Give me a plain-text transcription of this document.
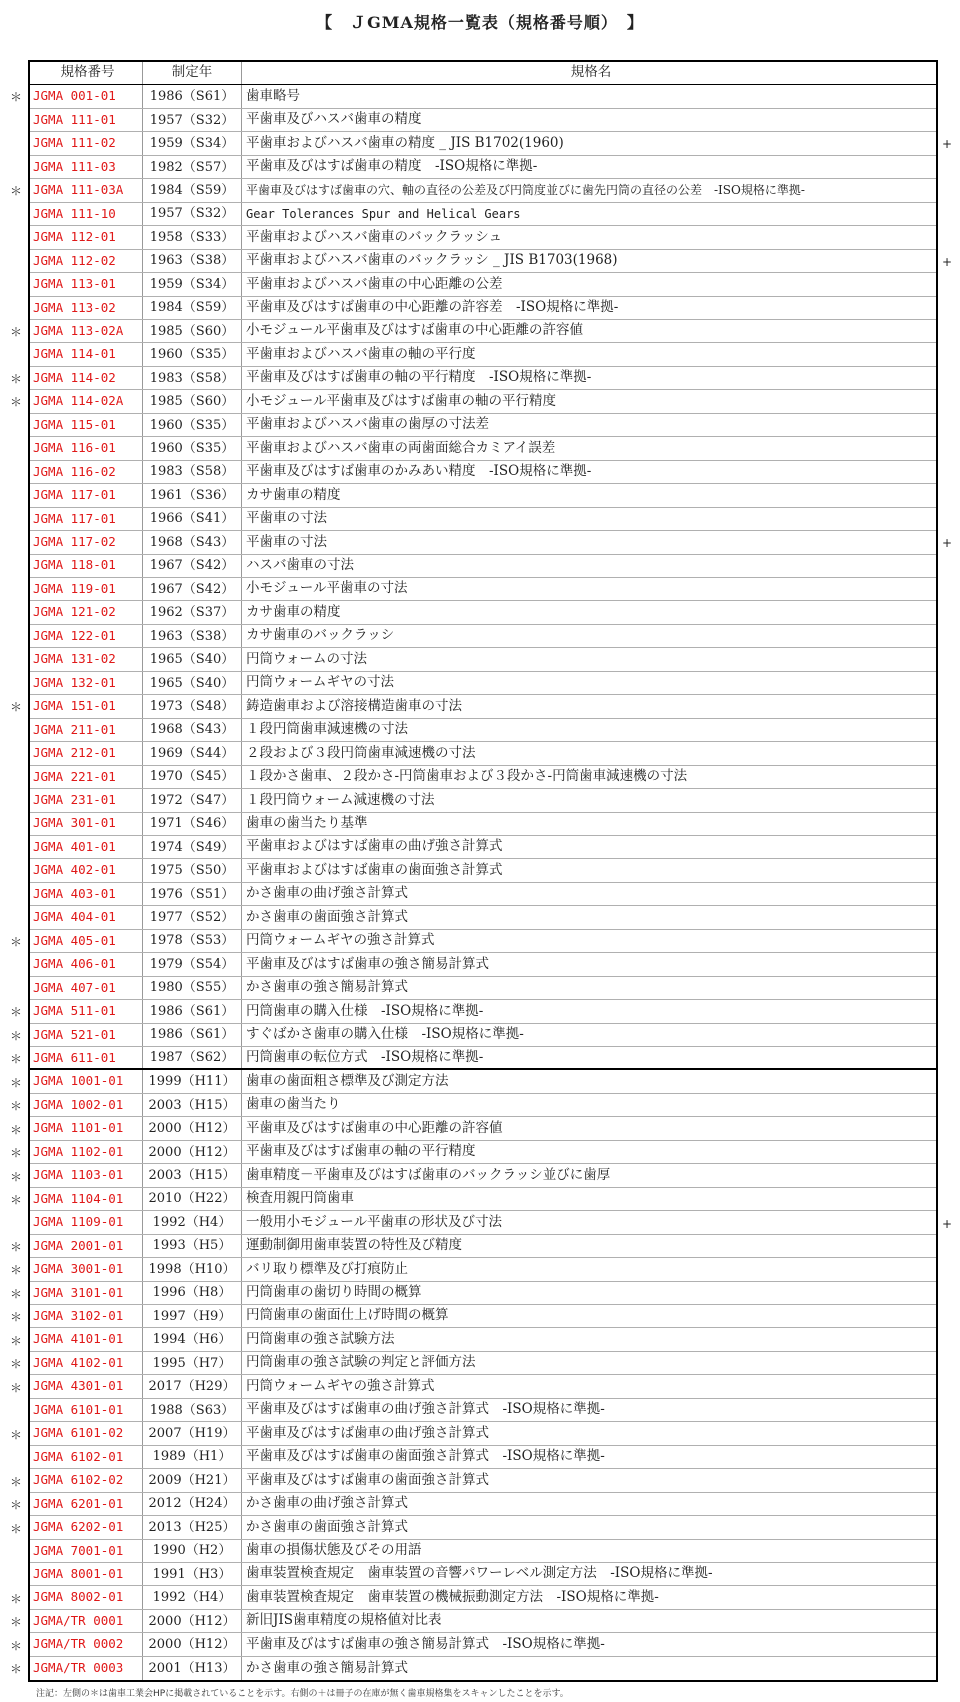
【　ＪGMA規格一覧表（規格番号順）　】
規格番号	制定年	規格名
JGMA 001-01	1986（S61） 歯車略号
JGMA 111-01	1957（S32） 平歯車及びハスバ歯車の精度
JGMA 111-02	1959（S34） 平歯車およびハスバ歯車の精度 _ JIS B1702(1960)
JGMA 111-03	1982（S57） 平歯車及びはすば歯車の精度　-ISO規格に準拠-
JGMA 111-03A	1984（S59） 平歯車及びはすば歯車の穴、軸の直径の公差及び円筒度並びに歯先円筒の直径の公差　-ISO規格に準拠-
JGMA 111-10	1957（S32） Gear Tolerances Spur and Helical Gears
JGMA 112-01	1958（S33） 平歯車およびハスバ歯車のバックラッシュ
JGMA 112-02	1963（S38） 平歯車およびハスバ歯車のバックラッシ _ JIS B1703(1968)
JGMA 113-01	1959（S34） 平歯車およびハスバ歯車の中心距離の公差
JGMA 113-02	1984（S59） 平歯車及びはすば歯車の中心距離の許容差　-ISO規格に準拠-
JGMA 113-02A	1985（S60） 小モジュール平歯車及びはすば歯車の中心距離の許容値
JGMA 114-01	1960（S35） 平歯車およびハスバ歯車の軸の平行度
JGMA 114-02	1983（S58） 平歯車及びはすば歯車の軸の平行精度　-ISO規格に準拠-
JGMA 114-02A	1985（S60） 小モジュール平歯車及びはすば歯車の軸の平行精度
JGMA 115-01	1960（S35） 平歯車およびハスバ歯車の歯厚の寸法差
JGMA 116-01	1960（S35） 平歯車およびハスバ歯車の両歯面総合カミアイ誤差
JGMA 116-02	1983（S58） 平歯車及びはすば歯車のかみあい精度　-ISO規格に準拠-
JGMA 117-01	1961（S36） カサ歯車の精度
JGMA 117-01	1966（S41） 平歯車の寸法
JGMA 117-02	1968（S43） 平歯車の寸法
JGMA 118-01	1967（S42） ハスバ歯車の寸法
JGMA 119-01	1967（S42） 小モジュール平歯車の寸法
JGMA 121-02	1962（S37） カサ歯車の精度
JGMA 122-01	1963（S38） カサ歯車のバックラッシ
JGMA 131-02	1965（S40） 円筒ウォームの寸法
JGMA 132-01	1965（S40） 円筒ウォームギヤの寸法
JGMA 151-01	1973（S48） 鋳造歯車および溶接構造歯車の寸法
JGMA 211-01	1968（S43） １段円筒歯車減速機の寸法
JGMA 212-01	1969（S44） ２段および３段円筒歯車減速機の寸法
JGMA 221-01	1970（S45） １段かさ歯車、２段かさ-円筒歯車および３段かさ-円筒歯車減速機の寸法
JGMA 231-01	1972（S47） １段円筒ウォーム減速機の寸法
JGMA 301-01	1971（S46） 歯車の歯当たり基準
JGMA 401-01	1974（S49） 平歯車およびはすば歯車の曲げ強さ計算式
JGMA 402-01	1975（S50） 平歯車およびはすば歯車の歯面強さ計算式
JGMA 403-01	1976（S51） かさ歯車の曲げ強さ計算式
JGMA 404-01	1977（S52） かさ歯車の歯面強さ計算式
JGMA 405-01	1978（S53） 円筒ウォームギヤの強さ計算式
JGMA 406-01	1979（S54） 平歯車及びはすば歯車の強さ簡易計算式
JGMA 407-01	1980（S55） かさ歯車の強さ簡易計算式
JGMA 511-01	1986（S61） 円筒歯車の購入仕様　-ISO規格に準拠-
JGMA 521-01	1986（S61） すぐばかさ歯車の購入仕様　-ISO規格に準拠-
JGMA 611-01	1987（S62） 円筒歯車の転位方式　-ISO規格に準拠-
JGMA 1001-01	1999（H11） 歯車の歯面粗さ標準及び測定方法
JGMA 1002-01	2003（H15） 歯車の歯当たり
JGMA 1101-01	2000（H12） 平歯車及びはすば歯車の中心距離の許容値
JGMA 1102-01	2000（H12） 平歯車及びはすば歯車の軸の平行精度
JGMA 1103-01	2003（H15） 歯車精度－平歯車及びはすば歯車のバックラッシ並びに歯厚
JGMA 1104-01	2010（H22） 検査用親円筒歯車
JGMA 1109-01	1992（H4）	一般用小モジュール平歯車の形状及び寸法
JGMA 2001-01	1993（H5）	運動制御用歯車装置の特性及び精度
JGMA 3001-01	1998（H10） バリ取り標準及び打痕防止
JGMA 3101-01	1996（H8）	円筒歯車の歯切り時間の概算
JGMA 3102-01	1997（H9）	円筒歯車の歯面仕上げ時間の概算
JGMA 4101-01	1994（H6）	円筒歯車の強さ試験方法
JGMA 4102-01	1995（H7）	円筒歯車の強さ試験の判定と評価方法
JGMA 4301-01	2017（H29） 円筒ウォームギヤの強さ計算式
JGMA 6101-01	1988（S63） 平歯車及びはすば歯車の曲げ強さ計算式　-ISO規格に準拠-
JGMA 6101-02	2007（H19） 平歯車及びはすば歯車の曲げ強さ計算式
JGMA 6102-01	1989（H1）	平歯車及びはすば歯車の歯面強さ計算式　-ISO規格に準拠-
JGMA 6102-02	2009（H21） 平歯車及びはすば歯車の歯面強さ計算式
JGMA 6201-01	2012（H24） かさ歯車の曲げ強さ計算式
JGMA 6202-01	2013（H25） かさ歯車の歯面強さ計算式
JGMA 7001-01	1990（H2）	歯車の損傷状態及びその用語
JGMA 8001-01	1991（H3）	歯車装置検査規定　歯車装置の音響パワーレベル測定方法　-ISO規格に準拠-
JGMA 8002-01	1992（H4）	歯車装置検査規定　歯車装置の機械振動測定方法　-ISO規格に準拠-
JGMA/TR 0001	2000（H12） 新旧JIS歯車精度の規格値対比表
JGMA/TR 0002	2000（H12） 平歯車及びはすば歯車の強さ簡易計算式　-ISO規格に準拠-
JGMA/TR 0003	2001（H13） かさ歯車の強さ簡易計算式
＊
+
＊
+
＊
＊
＊
+
＊
＊
＊
＊
＊
＊
＊
＊
＊
＊
＊
+
＊
＊
＊
＊
＊
＊
＊
＊
＊
＊
＊
＊
＊
＊
＊
注記：左側の＊は歯車工業会HPに掲載されていることを示す。右側の＋は冊子の在庫が無く歯車規格集をスキャンしたことを示す。
